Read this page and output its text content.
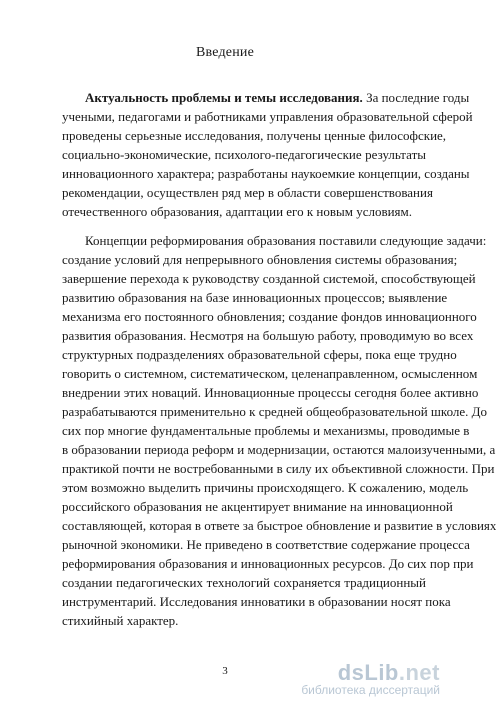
Введение
Актуальность проблемы и темы исследования. За последние годы
учеными, педагогами и работниками управления образовательной сферой
проведены серьезные исследования, получены ценные философские,
социально-экономические, психолого-педагогические результаты
инновационного характера; разработаны наукоемкие концепции, созданы
рекомендации, осуществлен ряд мер в области совершенствования
отечественного образования, адаптации его к новым условиям.
Концепции реформирования образования поставили следующие задачи:
создание условий для непрерывного обновления системы образования;
завершение перехода к руководству созданной системой, способствующей
развитию образования на базе инновационных процессов; выявление
механизма его постоянного обновления; создание фондов инновационного
развития образования. Несмотря на большую работу, проводимую во всех
структурных подразделениях образовательной сферы, пока еще трудно
говорить о системном, систематическом, целенаправленном, осмысленном
внедрении этих новаций. Инновационные процессы сегодня более активно
разрабатываются применительно к средней общеобразовательной школе. До
сих пор многие фундаментальные проблемы и механизмы, проводимые в
в образовании периода реформ и модернизации, остаются малоизученными, а
практикой почти не востребованными в силу их объективной сложности. При
этом возможно выделить причины происходящего. К сожалению, модель
российского образования не акцентирует внимание на инновационной
составляющей, которая в ответе за быстрое обновление и развитие в условиях
рыночной экономики. Не приведено в соответствие содержание процесса
реформирования образования и инновационных ресурсов. До сих пор при
создании педагогических технологий сохраняется традиционный
инструментарий. Исследования инноватики в образовании носят пока
стихийный характер.
3	dsLib.net
библиотека диссертаций
